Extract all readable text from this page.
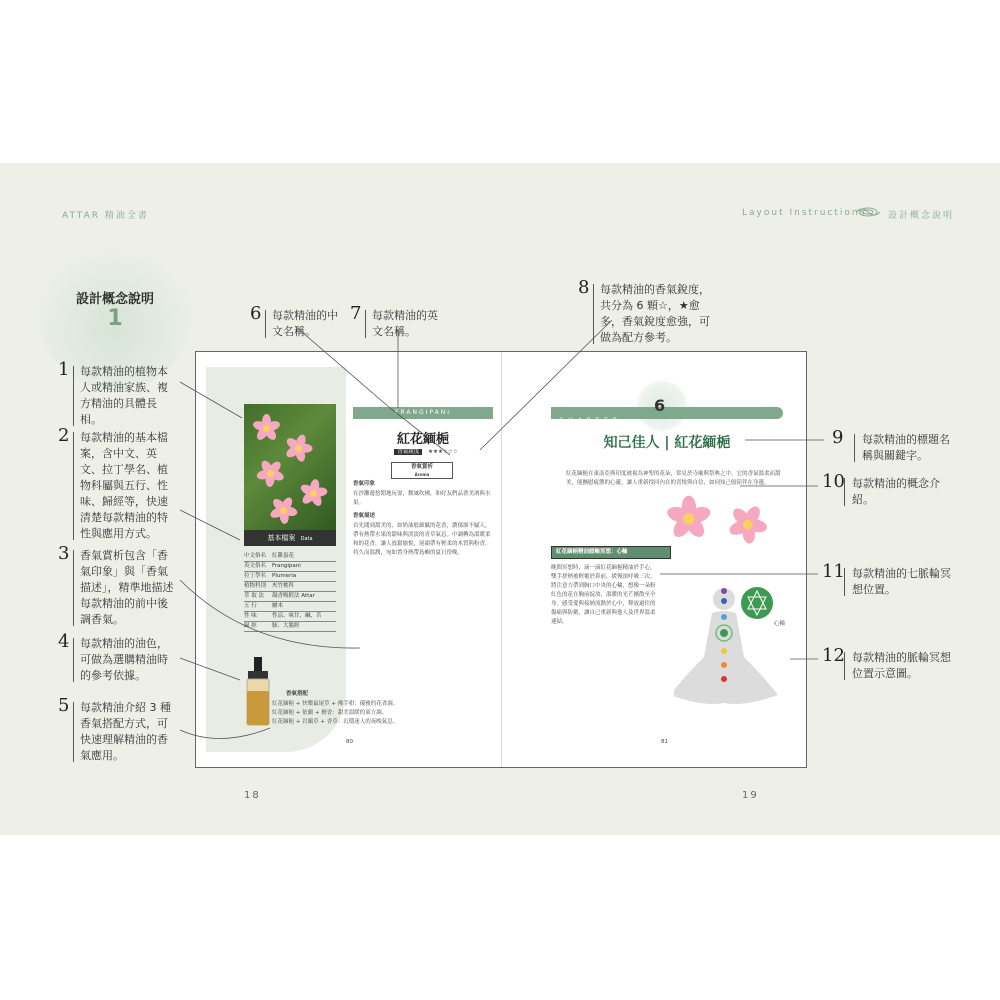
ATTAR 精油全書	Layout Instructions 設計概念說明
設計概念說明
1
1 每款精油的植物本人或精油家族、複方精油的具體長相。
2 每款精油的基本檔案，含中文、英文、拉丁學名、植物科屬與五行、性味、歸經等，快速清楚每款精油的特性與應用方式。
3 香氣賞析包含「香氣印象」與「香氣描述」，精準地描述每款精油的前中後調香氣。
4 每款精油的油色，可做為選購精油時的參考依據。
5 每款精油介紹 3 種香氣搭配方式，可快速理解精油的香氣應用。
6 每款精油的中文名稱。
7 每款精油的英文名稱。
8 每款精油的香氣銳度，共分為 6 顆☆，★愈多，香氣銳度愈強，可做為配方參考。
9 每款精油的標題名稱與關鍵字。
10 每款精油的概念介紹。
11 每款精油的七脈輪冥想位置。
12 每款精油的脈輪冥想位置示意圖。
基本檔案 Data
中文俗名 紅雞蛋花
英文俗名 Frangipani
拉丁學名 Plumeria
植物科別 夾竹桃科
萃 取 法 凝香吸附法 Attar
五 行	屬木
性 味	性涼、味甘、鹹、苦
歸 經	肺、大腸經
香氣搭配
紅花緬梔 + 快樂鼠尾草 + 佛手柑：優雅的花香調。
紅花緬梔 + 依蘭 + 檀香：甜美溫暖的東方調。
紅花緬梔 + 岩蘭草 + 香草：沉穩迷人的夜晚氣息。
FRANGIPANI
紅花緬梔
香氣銳度 ★★★☆☆☆
香氣賞析
Aroma
香氣印象
在沙灘邊悠閒地玩耍，微風吹拂，和好友們品著美酒與水果。
香氣描述
首先聞到甜美的、如奶油般細膩的花香，濃郁卻不膩人，帶有熱帶水果的甜味與淡淡的青草氣息。中調轉為溫暖柔和的花香，讓人放鬆愉悅，尾韻帶有輕柔的木質與粉香，持久而溫潤，宛如置身熱帶島嶼的夏日傍晚。
80
CHAPTER
6
知己佳人 | 紅花緬梔
紅花緬梔在東南亞與印度被視為神聖的花朵，常見於寺廟與祭典之中。它的香氣溫柔而甜美，能撫慰疲憊的心靈，讓人重新找回內在的喜悅與自信，如同知己般陪伴在身邊。
紅花緬梔精油脈輪冥想：心輪
晚間冥想時，滴一滴紅花緬梔精油於手心，雙手搓熱後輕覆於鼻前，緩慢深呼吸三次。將注意力帶到胸口中央的心輪，想像一朵粉紅色的花在胸前綻放，溫暖的光芒擴散至全身。感受愛與接納流動於心中，釋放過往的傷痛與防衛，讓自己重新與他人及世界溫柔連結。	心輪
81
18	19
